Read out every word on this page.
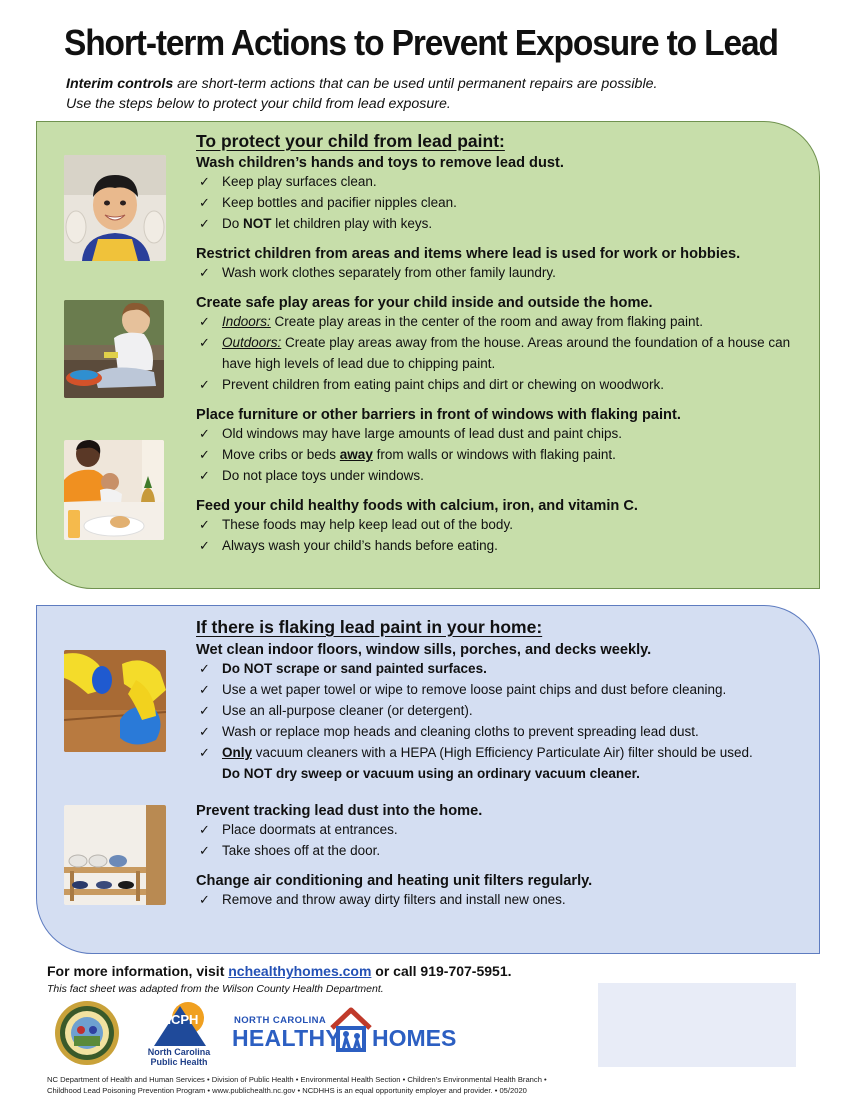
Short-term Actions to Prevent Exposure to Lead
Interim controls are short-term actions that can be used until permanent repairs are possible.
Use the steps below to protect your child from lead exposure.
To protect your child from lead paint:
Wash children’s hands and toys to remove lead dust.
✓ Keep play surfaces clean.
✓ Keep bottles and pacifier nipples clean.
✓ Do NOT let children play with keys.
Restrict children from areas and items where lead is used for work or hobbies.
✓ Wash work clothes separately from other family laundry.
Create safe play areas for your child inside and outside the home.
✓ Indoors: Create play areas in the center of the room and away from flaking paint.
✓ Outdoors: Create play areas away from the house. Areas around the foundation of a house can have high levels of lead due to chipping paint.
✓ Prevent children from eating paint chips and dirt or chewing on woodwork.
Place furniture or other barriers in front of windows with flaking paint.
✓ Old windows may have large amounts of lead dust and paint chips.
✓ Move cribs or beds away from walls or windows with flaking paint.
✓ Do not place toys under windows.
Feed your child healthy foods with calcium, iron, and vitamin C.
✓ These foods may help keep lead out of the body.
✓ Always wash your child’s hands before eating.
If there is flaking lead paint in your home:
Wet clean indoor floors, window sills, porches, and decks weekly.
✓ Do NOT scrape or sand painted surfaces.
✓ Use a wet paper towel or wipe to remove loose paint chips and dust before cleaning.
✓ Use an all-purpose cleaner (or detergent).
✓ Wash or replace mop heads and cleaning cloths to prevent spreading lead dust.
✓ Only vacuum cleaners with a HEPA (High Efficiency Particulate Air) filter should be used.
Do NOT dry sweep or vacuum using an ordinary vacuum cleaner.
Prevent tracking lead dust into the home.
✓ Place doormats at entrances.
✓ Take shoes off at the door.
Change air conditioning and heating unit filters regularly.
✓ Remove and throw away dirty filters and install new ones.
For more information, visit nchealthyhomes.com or call 919-707-5951.
This fact sheet was adapted from the Wilson County Health Department.
NCPH
North Carolina
Public Health
NORTH CAROLINA
HEALTHY HOMES
NC Department of Health and Human Services • Division of Public Health • Environmental Health Section • Children’s Environmental Health Branch •
Childhood Lead Poisoning Prevention Program • www.publichealth.nc.gov • NCDHHS is an equal opportunity employer and provider. • 05/2020
